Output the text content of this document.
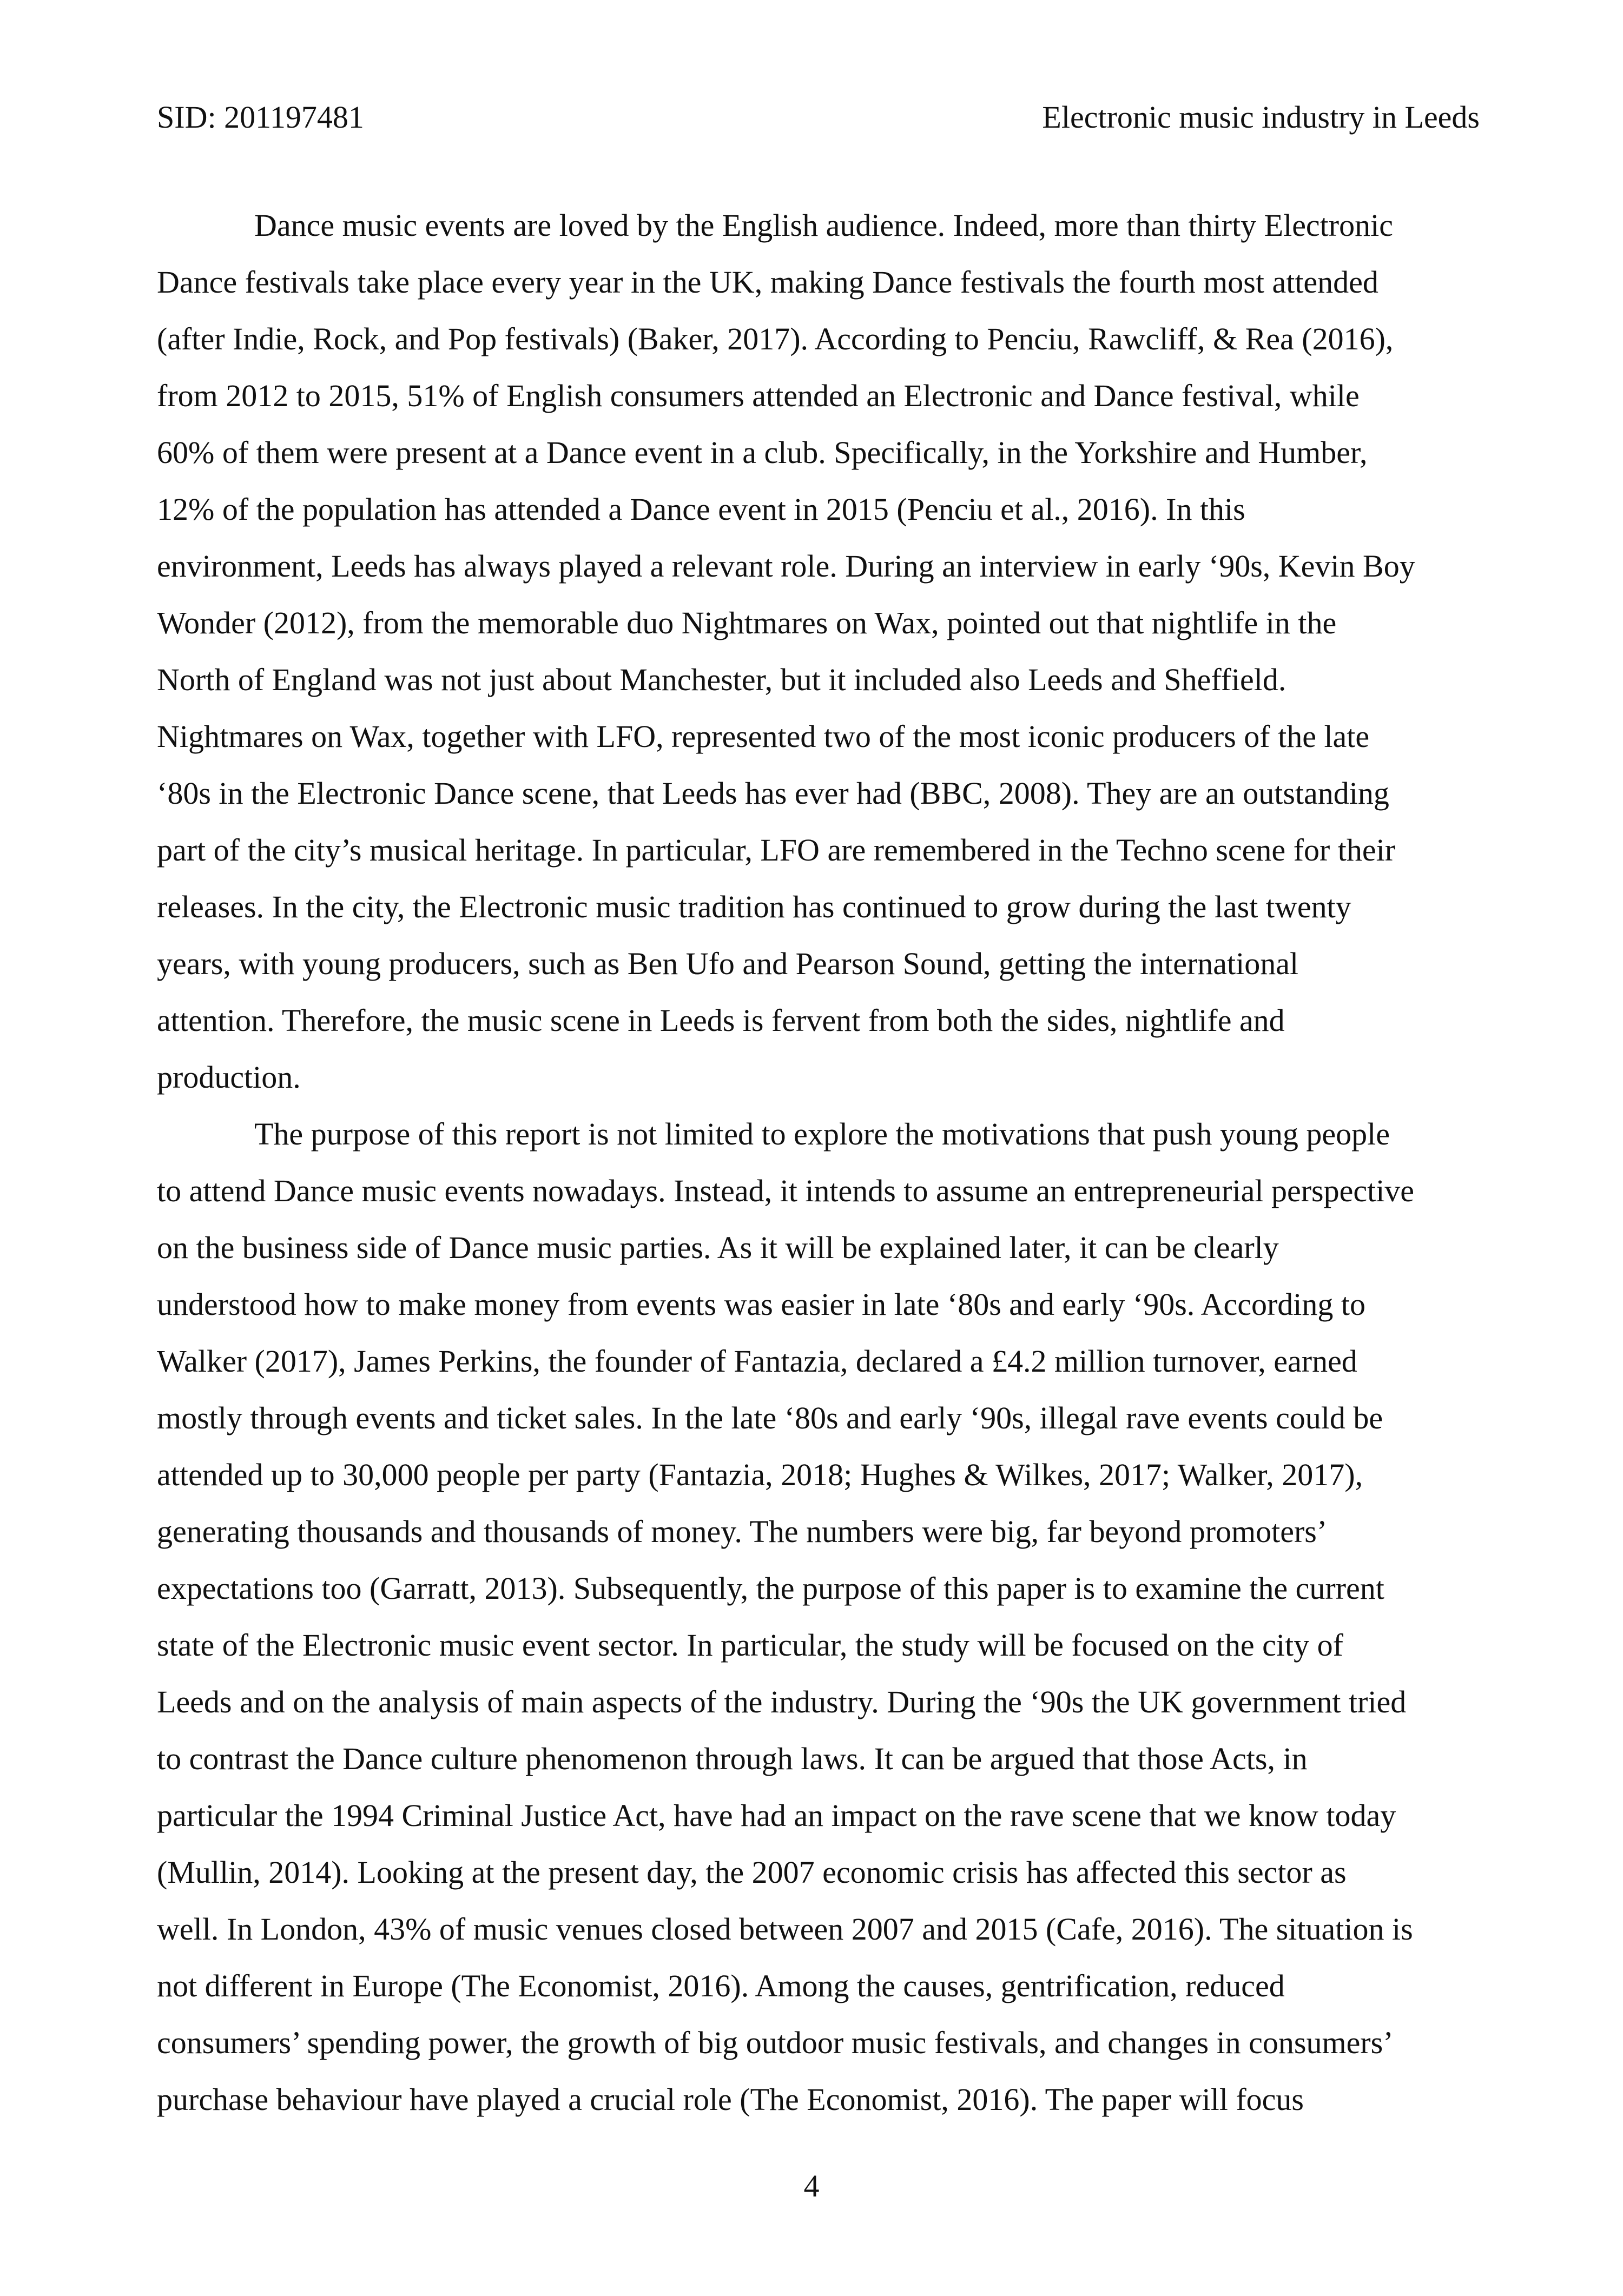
SID: 201197481	Electronic music industry in Leeds

Dance music events are loved by the English audience. Indeed, more than thirty Electronic
Dance festivals take place every year in the UK, making Dance festivals the fourth most attended
(after Indie, Rock, and Pop festivals) (Baker, 2017). According to Penciu, Rawcliff, & Rea (2016),
from 2012 to 2015, 51% of English consumers attended an Electronic and Dance festival, while
60% of them were present at a Dance event in a club. Specifically, in the Yorkshire and Humber,
12% of the population has attended a Dance event in 2015 (Penciu et al., 2016). In this
environment, Leeds has always played a relevant role. During an interview in early ‘90s, Kevin Boy
Wonder (2012), from the memorable duo Nightmares on Wax, pointed out that nightlife in the
North of England was not just about Manchester, but it included also Leeds and Sheffield.
Nightmares on Wax, together with LFO, represented two of the most iconic producers of the late
‘80s in the Electronic Dance scene, that Leeds has ever had (BBC, 2008). They are an outstanding
part of the city’s musical heritage. In particular, LFO are remembered in the Techno scene for their
releases. In the city, the Electronic music tradition has continued to grow during the last twenty
years, with young producers, such as Ben Ufo and Pearson Sound, getting the international
attention. Therefore, the music scene in Leeds is fervent from both the sides, nightlife and
production.

The purpose of this report is not limited to explore the motivations that push young people
to attend Dance music events nowadays. Instead, it intends to assume an entrepreneurial perspective
on the business side of Dance music parties. As it will be explained later, it can be clearly
understood how to make money from events was easier in late ‘80s and early ‘90s. According to
Walker (2017), James Perkins, the founder of Fantazia, declared a £4.2 million turnover, earned
mostly through events and ticket sales. In the late ‘80s and early ‘90s, illegal rave events could be
attended up to 30,000 people per party (Fantazia, 2018; Hughes & Wilkes, 2017; Walker, 2017),
generating thousands and thousands of money. The numbers were big, far beyond promoters’
expectations too (Garratt, 2013). Subsequently, the purpose of this paper is to examine the current
state of the Electronic music event sector. In particular, the study will be focused on the city of
Leeds and on the analysis of main aspects of the industry. During the ‘90s the UK government tried
to contrast the Dance culture phenomenon through laws. It can be argued that those Acts, in
particular the 1994 Criminal Justice Act, have had an impact on the rave scene that we know today
(Mullin, 2014). Looking at the present day, the 2007 economic crisis has affected this sector as
well. In London, 43% of music venues closed between 2007 and 2015 (Cafe, 2016). The situation is
not different in Europe (The Economist, 2016). Among the causes, gentrification, reduced
consumers’ spending power, the growth of big outdoor music festivals, and changes in consumers’
purchase behaviour have played a crucial role (The Economist, 2016). The paper will focus

4
